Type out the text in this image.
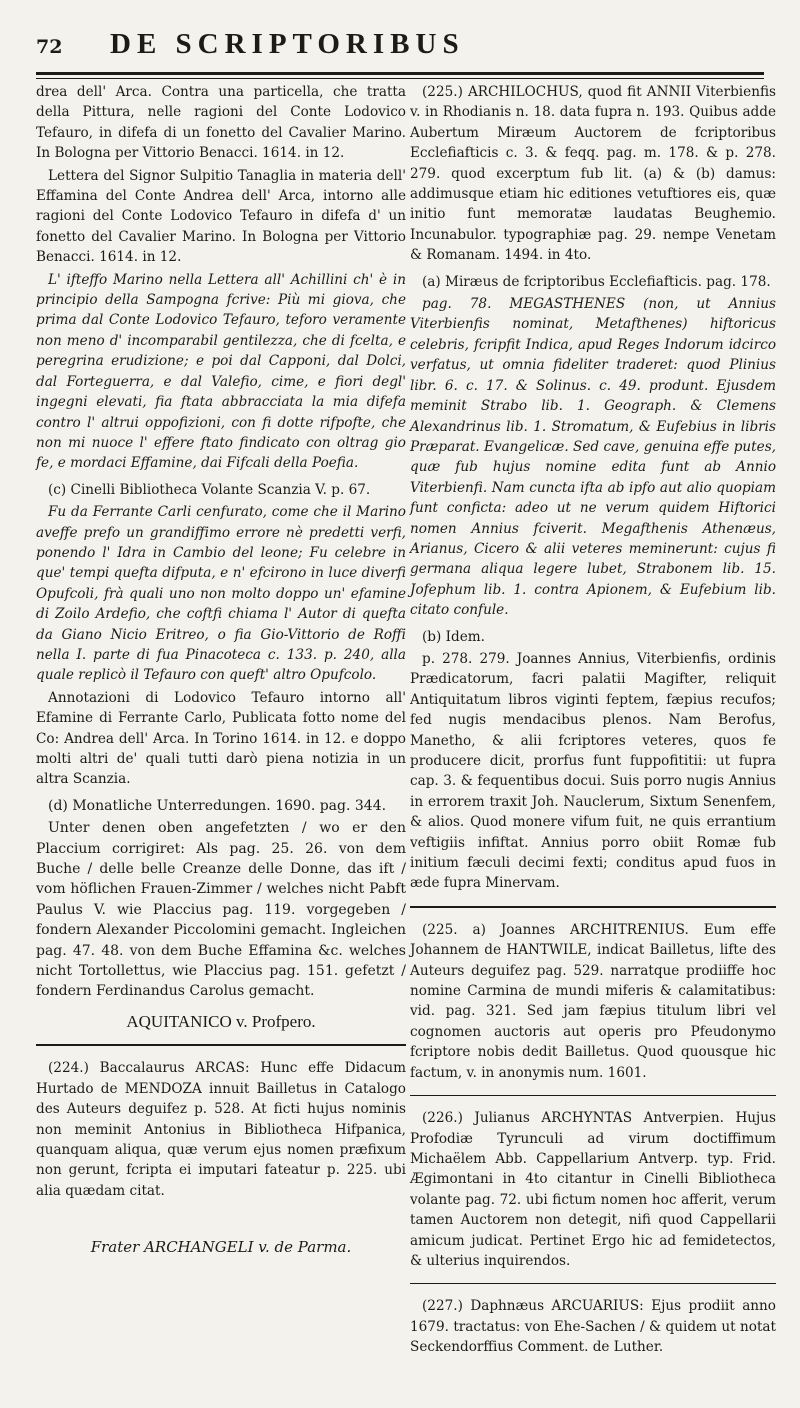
72 DE SCRIPTORIBUS

drea dell' Arca. Contra una particella, che tratta della Pittura, nelle ragioni del Conte Lodovico Tefauro, in difefa di un fonetto del Cavalier Marino. In Bologna per Vittorio Benacci. 1614. in 12.

Lettera del Signor Sulpitio Tanaglia in materia dell' Effamina del Conte Andrea dell' Arca, intorno alle ragioni del Conte Lodovico Tefauro in difefa d' un fonetto del Cavalier Marino. In Bologna per Vittorio Benacci. 1614. in 12.

L' ifteffo Marino nella Lettera all' Achillini ch' è in principio della Sampogna fcrive: Più mi giova, che prima dal Conte Lodovico Tefauro, teforo veramente non meno d' incomparabil gentilezza, che di fcelta, e peregrina erudizione; e poi dal Capponi, dal Dolci, dal Forteguerra, e dal Valefio, cime, e fiori degl' ingegni elevati, fia ftata abbracciata la mia difefa contro l' altrui oppofizioni, con fi dotte rifpofte, che non mi nuoce l' effere ftato findicato con oltrag gio fe, e mordaci Effamine, dai Fifcali della Poefia.

(c) Cinelli Bibliotheca Volante Scanzia V. p. 67.

Fu da Ferrante Carli cenfurato, come che il Marino aveffe prefo un grandiffimo errore nè predetti verfi, ponendo l' Idra in Cambio del leone; Fu celebre in que' tempi quefta difputa, e n' efcirono in luce diverfi Opufcoli, frà quali uno non molto doppo un' efamine di Zoilo Ardefio, che coftfi chiama l' Autor di quefta da Giano Nicio Eritreo, o fia Gio-Vittorio de Roffi nella I. parte di fua Pinacoteca c. 133. p. 240, alla quale replicò il Tefauro con queft' altro Opufcolo.

Annotazioni di Lodovico Tefauro intorno all' Efamine di Ferrante Carlo, Publicata fotto nome del Co: Andrea dell' Arca. In Torino 1614. in 12. e doppo molti altri de' quali tutti darò piena notizia in un altra Scanzia.

(d) Monatliche Unterredungen. 1690. pag. 344.

Unter denen oben angefetzten / wo er den Placcium corrigiret: Als pag. 25. 26. von dem Buche / delle belle Creanze delle Donne, das ift / vom höflichen Frauen-Zimmer / welches nicht Pabft Paulus V. wie Placcius pag. 119. vorgegeben / fondern Alexander Piccolomini gemacht. Ingleichen pag. 47. 48. von dem Buche Effamina &c. welches nicht Tortollettus, wie Placcius pag. 151. gefetzt / fondern Ferdinandus Carolus gemacht.

AQUITANICO v. Profpero.

(224.) Baccalaurus ARCAS: Hunc effe Didacum Hurtado de MENDOZA innuit Bailletus in Catalogo des Auteurs deguifez p. 528. At ficti hujus nominis non meminit Antonius in Bibliotheca Hifpanica, quanquam aliqua, quæ verum ejus nomen præfixum non gerunt, fcripta ei imputari fateatur p. 225. ubi alia quædam citat.

Frater ARCHANGELI v. de Parma.

(225.) ARCHILOCHUS, quod fit ANNII Viterbienfis v. in Rhodianis n. 18. data fupra n. 193. Quibus adde Aubertum Miræum Auctorem de fcriptoribus Ecclefiafticis c. 3. & feqq. pag. m. 178. & p. 278. 279. quod excerptum fub lit. (a) & (b) damus: addimusque etiam hic editiones vetuftiores eis, quæ initio funt memoratæ laudatas Beughemio. Incunabulor. typographiæ pag. 29. nempe Venetam & Romanam. 1494. in 4to.

(a) Miræus de fcriptoribus Ecclefiafticis. pag. 178.

pag. 78. MEGASTHENES (non, ut Annius Viterbienfis nominat, Metafthenes) hiftoricus celebris, fcripfit Indica, apud Reges Indorum idcirco verfatus, ut omnia fideliter traderet: quod Plinius libr. 6. c. 17. & Solinus. c. 49. produnt. Ejusdem meminit Strabo lib. 1. Geograph. & Clemens Alexandrinus lib. 1. Stromatum, & Eufebius in libris Præparat. Evangelicæ. Sed cave, genuina effe putes, quæ fub hujus nomine edita funt ab Annio Viterbienfi. Nam cuncta ifta ab ipfo aut alio quopiam funt conficta: adeo ut ne verum quidem Hiftorici nomen Annius fciverit. Megafthenis Athenæus, Arianus, Cicero & alii veteres meminerunt: cujus fi germana aliqua legere lubet, Strabonem lib. 15. Jofephum lib. 1. contra Apionem, & Eufebium lib. citato confule.

(b) Idem.

p. 278. 279. Joannes Annius, Viterbienfis, ordinis Prædicatorum, facri palatii Magifter, reliquit Antiquitatum libros viginti feptem, fæpius recufos; fed nugis mendacibus plenos. Nam Berofus, Manetho, & alii fcriptores veteres, quos fe producere dicit, prorfus funt fuppofititii: ut fupra cap. 3. & fequentibus docui. Suis porro nugis Annius in errorem traxit Joh. Nauclerum, Sixtum Senenfem, & alios. Quod monere vifum fuit, ne quis errantium veftigiis infiftat. Annius porro obiit Romæ fub initium fæculi decimi fexti; conditus apud fuos in æde fupra Minervam.

(225. a) Joannes ARCHITRENIUS. Eum effe Johannem de HANTWILE, indicat Bailletus, lifte des Auteurs deguifez pag. 529. narratque prodiiffe hoc nomine Carmina de mundi miferis & calamitatibus: vid. pag. 321. Sed jam fæpius titulum libri vel cognomen auctoris aut operis pro Pfeudonymo fcriptore nobis dedit Bailletus. Quod quousque hic factum, v. in anonymis num. 1601.

(226.) Julianus ARCHYNTAS Antverpien. Hujus Profodiæ Tyrunculi ad virum doctiffimum Michaëlem Abb. Cappellarium Antverp. typ. Frid. Ægimontani in 4to citantur in Cinelli Bibliotheca volante pag. 72. ubi fictum nomen hoc afferit, verum tamen Auctorem non detegit, nifi quod Cappellarii amicum judicat. Pertinet Ergo hic ad femidetectos, & ulterius inquirendos.

(227.) Daphnæus ARCUARIUS: Ejus prodiit anno 1679. tractatus: von Ehe-Sachen / & quidem ut notat Seckendorffius Comment. de Luther.
